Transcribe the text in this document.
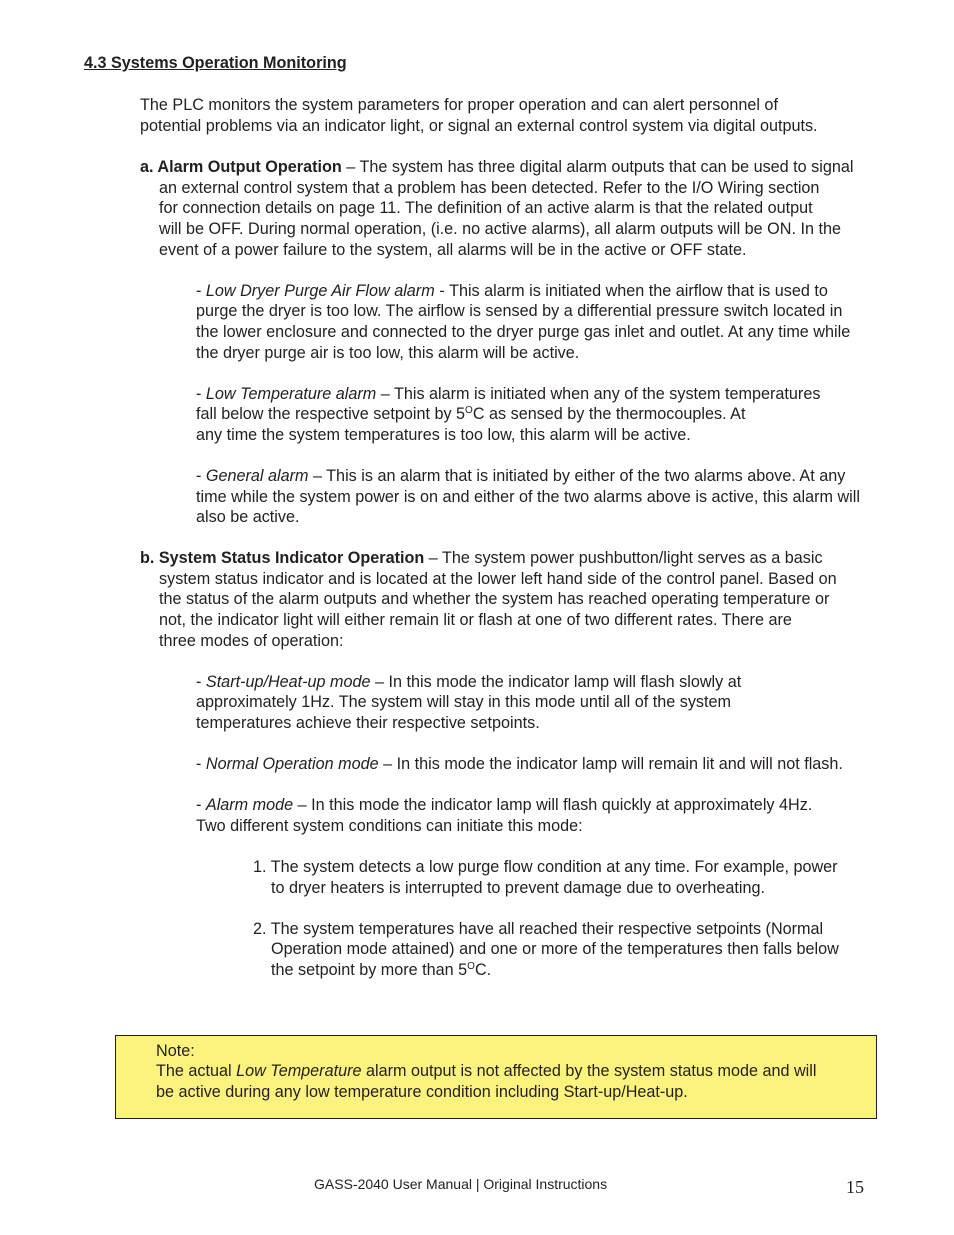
4.3 Systems Operation Monitoring
The PLC monitors the system parameters for proper operation and can alert personnel of
potential problems via an indicator light, or signal an external control system via digital outputs.
a. Alarm Output Operation – The system has three digital alarm outputs that can be used to signal
an external control system that a problem has been detected. Refer to the I/O Wiring section
for connection details on page 11. The definition of an active alarm is that the related output
will be OFF. During normal operation, (i.e. no active alarms), all alarm outputs will be ON. In the
event of a power failure to the system, all alarms will be in the active or OFF state.
- Low Dryer Purge Air Flow alarm - This alarm is initiated when the airflow that is used to
purge the dryer is too low. The airflow is sensed by a differential pressure switch located in
the lower enclosure and connected to the dryer purge gas inlet and outlet. At any time while
the dryer purge air is too low, this alarm will be active.
- Low Temperature alarm – This alarm is initiated when any of the system temperatures
fall below the respective setpoint by $5^OC$ as sensed by the thermocouples. At
any time the system temperatures is too low, this alarm will be active.
- General alarm – This is an alarm that is initiated by either of the two alarms above. At any
time while the system power is on and either of the two alarms above is active, this alarm will
also be active.
b. System Status Indicator Operation – The system power pushbutton/light serves as a basic
system status indicator and is located at the lower left hand side of the control panel. Based on
the status of the alarm outputs and whether the system has reached operating temperature or
not, the indicator light will either remain lit or flash at one of two different rates. There are
three modes of operation:
- Start-up/Heat-up mode – In this mode the indicator lamp will flash slowly at
approximately 1Hz. The system will stay in this mode until all of the system
temperatures achieve their respective setpoints.
- Normal Operation mode – In this mode the indicator lamp will remain lit and will not flash.
- Alarm mode – In this mode the indicator lamp will flash quickly at approximately 4Hz.
Two different system conditions can initiate this mode:
1. The system detects a low purge flow condition at any time. For example, power
to dryer heaters is interrupted to prevent damage due to overheating.
2. The system temperatures have all reached their respective setpoints (Normal
Operation mode attained) and one or more of the temperatures then falls below
the setpoint by more than $5^OC$.
Note:
The actual Low Temperature alarm output is not affected by the system status mode and will
be active during any low temperature condition including Start-up/Heat-up.
GASS-2040 User Manual | Original Instructions	15
